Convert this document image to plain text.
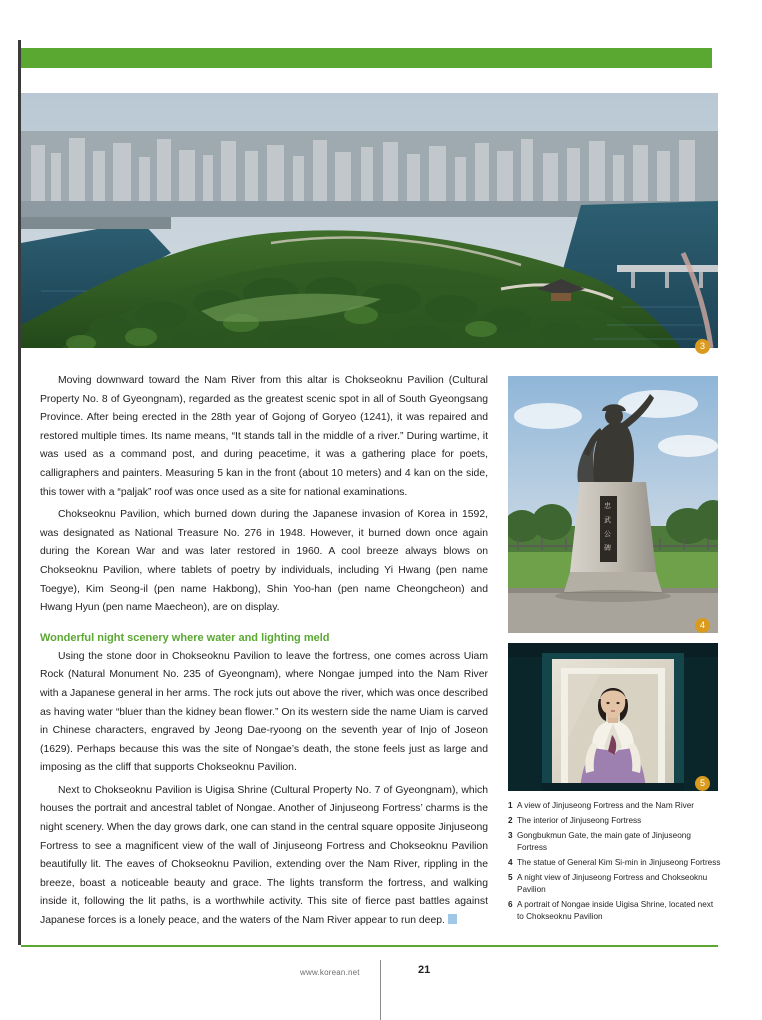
3

Moving downward toward the Nam River from this altar is Chokseoknu Pavilion (Cultural Property No. 8 of Gyeongnam), regarded as the greatest scenic spot in all of South Gyeongsang Province. After being erected in the 28th year of Gojong of Goryeo (1241), it was repaired and restored multiple times. Its name means, “It stands tall in the middle of a river.” During wartime, it was used as a command post, and during peacetime, it was a gathering place for poets, calligraphers and painters. Measuring 5 kan in the front (about 10 meters) and 4 kan on the side, this tower with a “paljak” roof was once used as a site for national examinations.

Chokseoknu Pavilion, which burned down during the Japanese invasion of Korea in 1592, was designated as National Treasure No. 276 in 1948. However, it burned down once again during the Korean War and was later restored in 1960. A cool breeze always blows on Chokseoknu Pavilion, where tablets of poetry by individuals, including Yi Hwang (pen name Toegye), Kim Seong-il (pen name Hakbong), Shin Yoo-han (pen name Cheongcheon) and Hwang Hyun (pen name Maecheon), are on display.

Wonderful night scenery where water and lighting meld

Using the stone door in Chokseoknu Pavilion to leave the fortress, one comes across Uiam Rock (Natural Monument No. 235 of Gyeongnam), where Nongae jumped into the Nam River with a Japanese general in her arms. The rock juts out above the river, which was once described as having water “bluer than the kidney bean flower.” On its western side the name Uiam is carved in Chinese characters, engraved by Jeong Dae-ryoong on the seventh year of Injo of Joseon (1629). Perhaps because this was the site of Nongae’s death, the stone feels just as large and imposing as the cliff that supports Chokseoknu Pavilion.

Next to Chokseoknu Pavilion is Uigisa Shrine (Cultural Property No. 7 of Gyeongnam), which houses the portrait and ancestral tablet of Nongae. Another of Jinjuseong Fortress’ charms is the night scenery. When the day grows dark, one can stand in the central square opposite Jinjuseong Fortress to see a magnificent view of the wall of Jinjuseong Fortress and Chokseoknu Pavilion beautifully lit. The eaves of Chokseoknu Pavilion, extending over the Nam River, rippling in the breeze, boast a noticeable beauty and grace. The lights transform the fortress, and walking inside it, following the lit paths, is a worthwhile activity. This site of fierce past battles against Japanese forces is a lonely peace, and the waters of the Nam River appear to run deep.

忠
武
公
碑
4
5
1 A view of Jinjuseong Fortress and the Nam River
2 The interior of Jinjuseong Fortress
3 Gongbukmun Gate, the main gate of Jinjuseong Fortress
4 The statue of General Kim Si-min in Jinjuseong Fortress
5 A night view of Jinjuseong Fortress and Chokseoknu Pavilion
6 A portrait of Nongae inside Uigisa Shrine, located next to Chokseoknu Pavilion
www.korean.net	21
